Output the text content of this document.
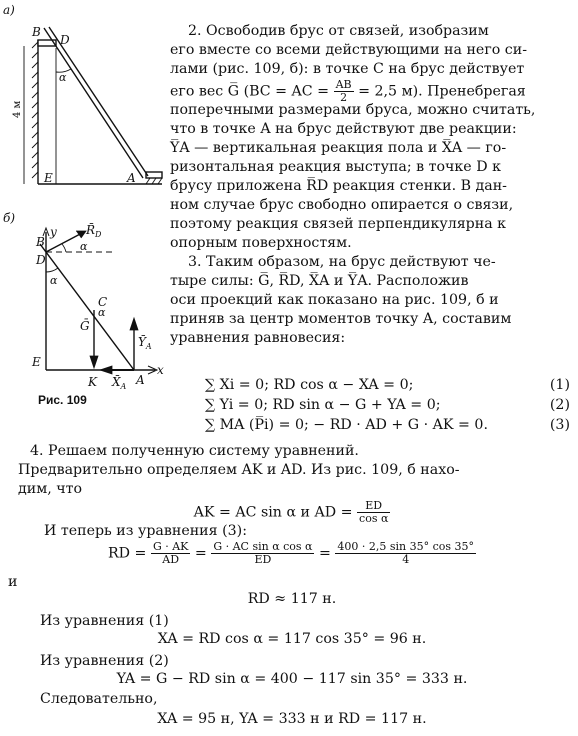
а)
B
D
α
E	A
4 м
б)
B
y $R̄_D$
D
α
α
α
C
Ḡ
$Ȳ_A$
E
K $X̄_A$ A
x
Рис. 109
2. Освободив брус от связей, изобразим
его вместе со всеми действующими на него си-
лами (рис. 109, б): в точке C на брус действует
его вес G̅ (BC = AC = $\frac{AB}{2} = 2,5$ м). Пренебрегая
поперечными размерами бруса, можно считать,
что в точке A на брус действуют две реакции:
Y̅A — вертикальная реакция пола и X̅A — го-
ризонтальная реакция выступа; в точке D к
брусу приложена R̅D реакция стенки. В дан-
ном случае брус свободно опирается о связи,
поэтому реакция связей перпендикулярна к
опорным поверхностям.
3. Таким образом, на брус действуют че-
тыре силы: G̅, R̅D, X̅A и Y̅A. Расположив
оси проекций как показано на рис. 109, б и
приняв за центр моментов точку A, составим
уравнения равновесия:
∑ Xi = 0; RD cos α − XA = 0;	(1)
∑ Yi = 0; RD sin α − G + YA = 0;	(2)
∑ MA (P̅i) = 0; − RD · AD + G · AK = 0.	(3)
4. Решаем полученную систему уравнений.
Предварительно определяем AK и AD. Из рис. 109, б нахо-
дим, что
AK = AC sin α и AD = $\frac{ED}{\text{cos α}}$
И теперь из уравнения (3):
RD = $\frac{G \cdot AK}{AD} = \frac{\text{G · AC sin α cos α}}{ED} = \frac{400 \cdot 2,5 \sin 35^\circ \cos 35^\circ}{4}$
и
RD ≈ 117 н.
Из уравнения (1)
XA = RD cos α = 117 cos 35° = 96 н.
Из уравнения (2)
YA = G − RD sin α = 400 − 117 sin 35° = 333 н.
Следовательно,
XA = 95 н, YA = 333 н и RD = 117 н.
